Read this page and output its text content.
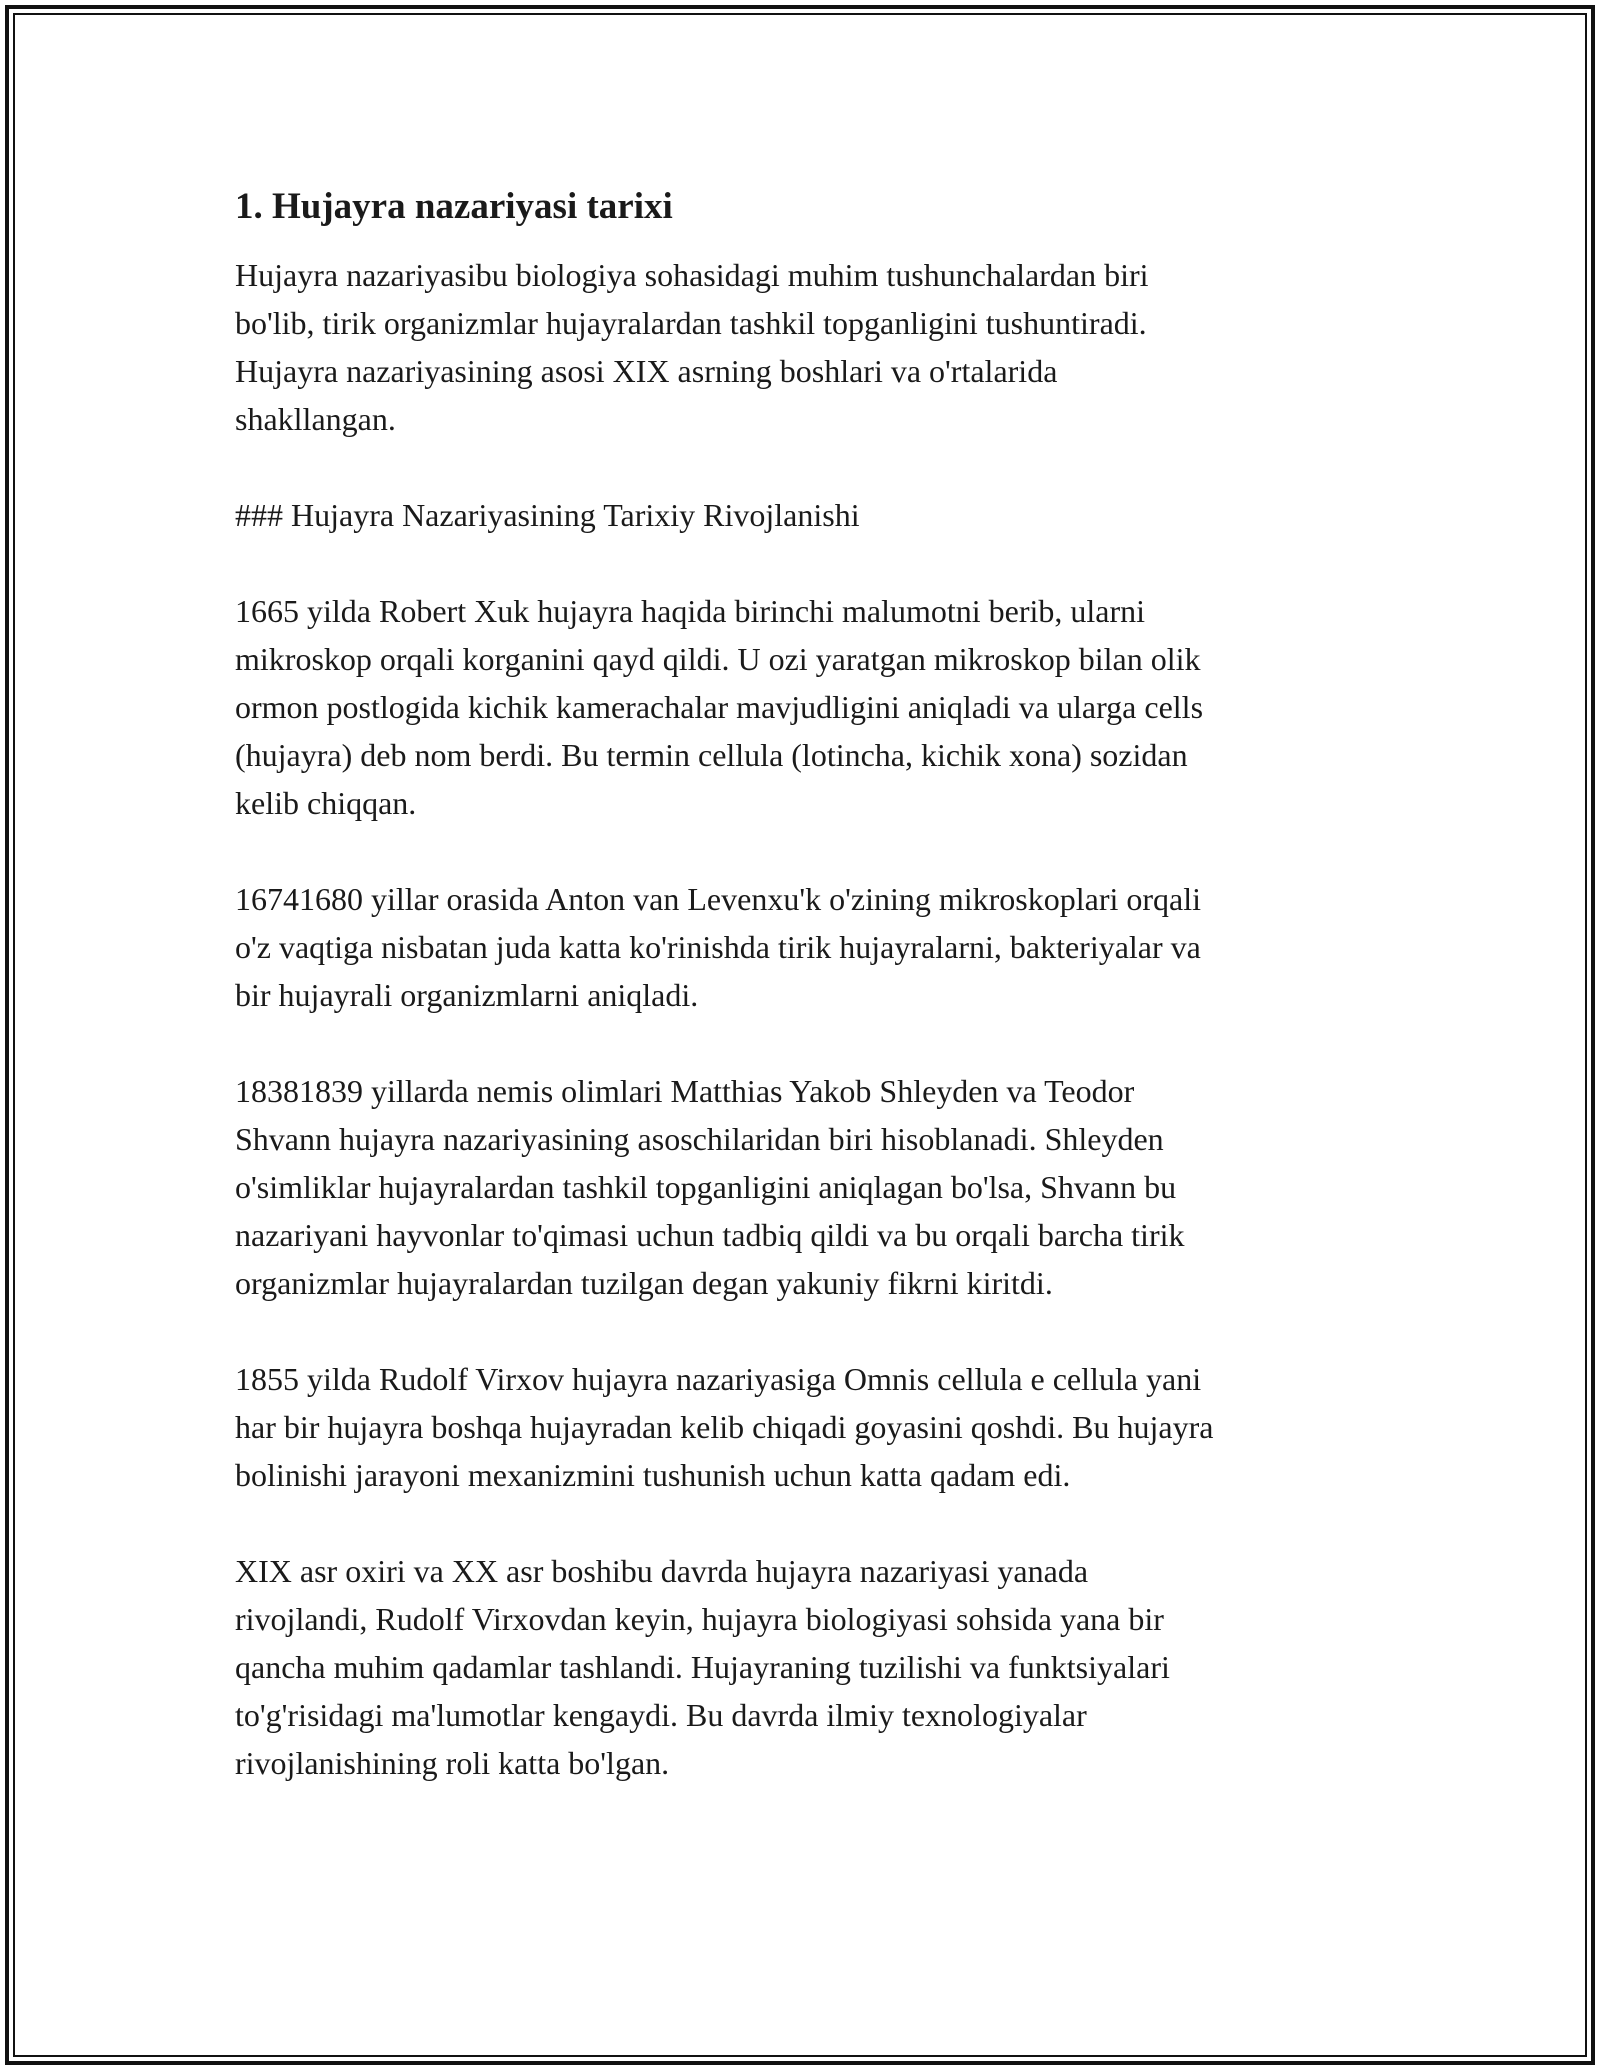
1. Hujayra nazariyasi tarixi
Hujayra nazariyasibu biologiya sohasidagi muhim tushunchalardan biri
bo'lib, tirik organizmlar hujayralardan tashkil topganligini tushuntiradi.
Hujayra nazariyasining asosi XIX asrning boshlari va o'rtalarida
shakllangan.
### Hujayra Nazariyasining Tarixiy Rivojlanishi
1665 yilda Robert Xuk hujayra haqida birinchi malumotni berib, ularni
mikroskop orqali korganini qayd qildi. U ozi yaratgan mikroskop bilan olik
ormon postlogida kichik kamerachalar mavjudligini aniqladi va ularga cells
(hujayra) deb nom berdi. Bu termin cellula (lotincha, kichik xona) sozidan
kelib chiqqan.
16741680 yillar orasida Anton van Levenxu'k o'zining mikroskoplari orqali
o'z vaqtiga nisbatan juda katta ko'rinishda tirik hujayralarni, bakteriyalar va
bir hujayrali organizmlarni aniqladi.
18381839 yillarda nemis olimlari Matthias Yakob Shleyden va Teodor
Shvann hujayra nazariyasining asoschilaridan biri hisoblanadi. Shleyden
o'simliklar hujayralardan tashkil topganligini aniqlagan bo'lsa, Shvann bu
nazariyani hayvonlar to'qimasi uchun tadbiq qildi va bu orqali barcha tirik
organizmlar hujayralardan tuzilgan degan yakuniy fikrni kiritdi.
1855 yilda Rudolf Virxov hujayra nazariyasiga Omnis cellula e cellula yani
har bir hujayra boshqa hujayradan kelib chiqadi goyasini qoshdi. Bu hujayra
bolinishi jarayoni mexanizmini tushunish uchun katta qadam edi.
XIX asr oxiri va XX asr boshibu davrda hujayra nazariyasi yanada
rivojlandi, Rudolf Virxovdan keyin, hujayra biologiyasi sohsida yana bir
qancha muhim qadamlar tashlandi. Hujayraning tuzilishi va funktsiyalari
to'g'risidagi ma'lumotlar kengaydi. Bu davrda ilmiy texnologiyalar
rivojlanishining roli katta bo'lgan.
